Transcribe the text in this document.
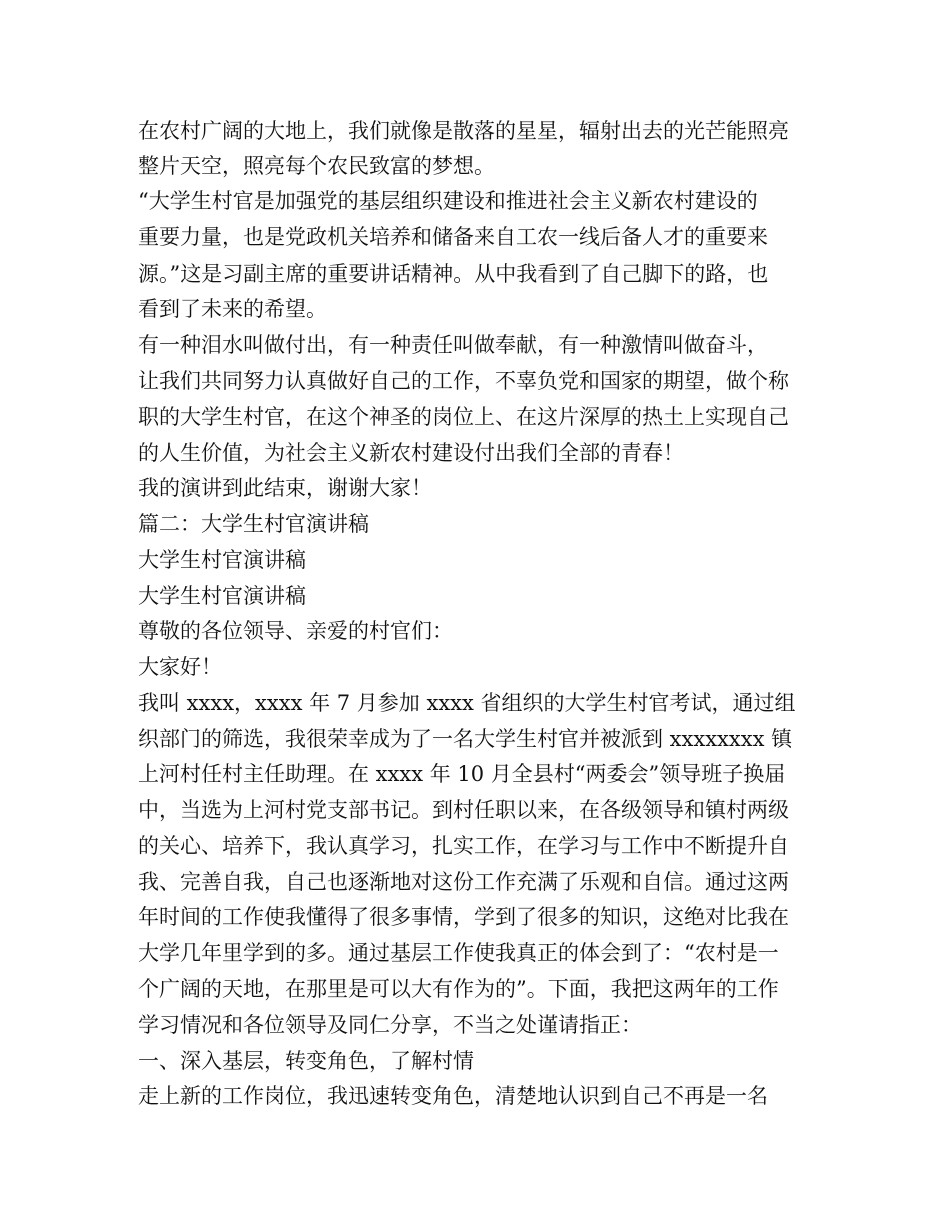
在农村广阔的大地上，我们就像是散落的星星，辐射出去的光芒能照亮
整片天空，照亮每个农民致富的梦想。
“大学生村官是加强党的基层组织建设和推进社会主义新农村建设的
重要力量，也是党政机关培养和储备来自工农一线后备人才的重要来
源。”这是习副主席的重要讲话精神。从中我看到了自己脚下的路，也
看到了未来的希望。
有一种泪水叫做付出，有一种责任叫做奉献，有一种激情叫做奋斗，
让我们共同努力认真做好自己的工作，不辜负党和国家的期望，做个称
职的大学生村官，在这个神圣的岗位上、在这片深厚的热土上实现自己
的人生价值，为社会主义新农村建设付出我们全部的青春！
我的演讲到此结束，谢谢大家！
篇二：大学生村官演讲稿
大学生村官演讲稿
大学生村官演讲稿
尊敬的各位领导、亲爱的村官们：
大家好！
我叫 xxxx，xxxx 年 7 月参加 xxxx 省组织的大学生村官考试，通过组
织部门的筛选，我很荣幸成为了一名大学生村官并被派到 xxxxxxxx 镇
上河村任村主任助理。在 xxxx 年 10 月全县村“两委会”领导班子换届
中，当选为上河村党支部书记。到村任职以来，在各级领导和镇村两级
的关心、培养下，我认真学习，扎实工作，在学习与工作中不断提升自
我、完善自我，自己也逐渐地对这份工作充满了乐观和自信。通过这两
年时间的工作使我懂得了很多事情，学到了很多的知识，这绝对比我在
大学几年里学到的多。通过基层工作使我真正的体会到了：“农村是一
个广阔的天地，在那里是可以大有作为的”。下面，我把这两年的工作
学习情况和各位领导及同仁分享，不当之处谨请指正：
一、深入基层，转变角色，了解村情
走上新的工作岗位，我迅速转变角色，清楚地认识到自己不再是一名
